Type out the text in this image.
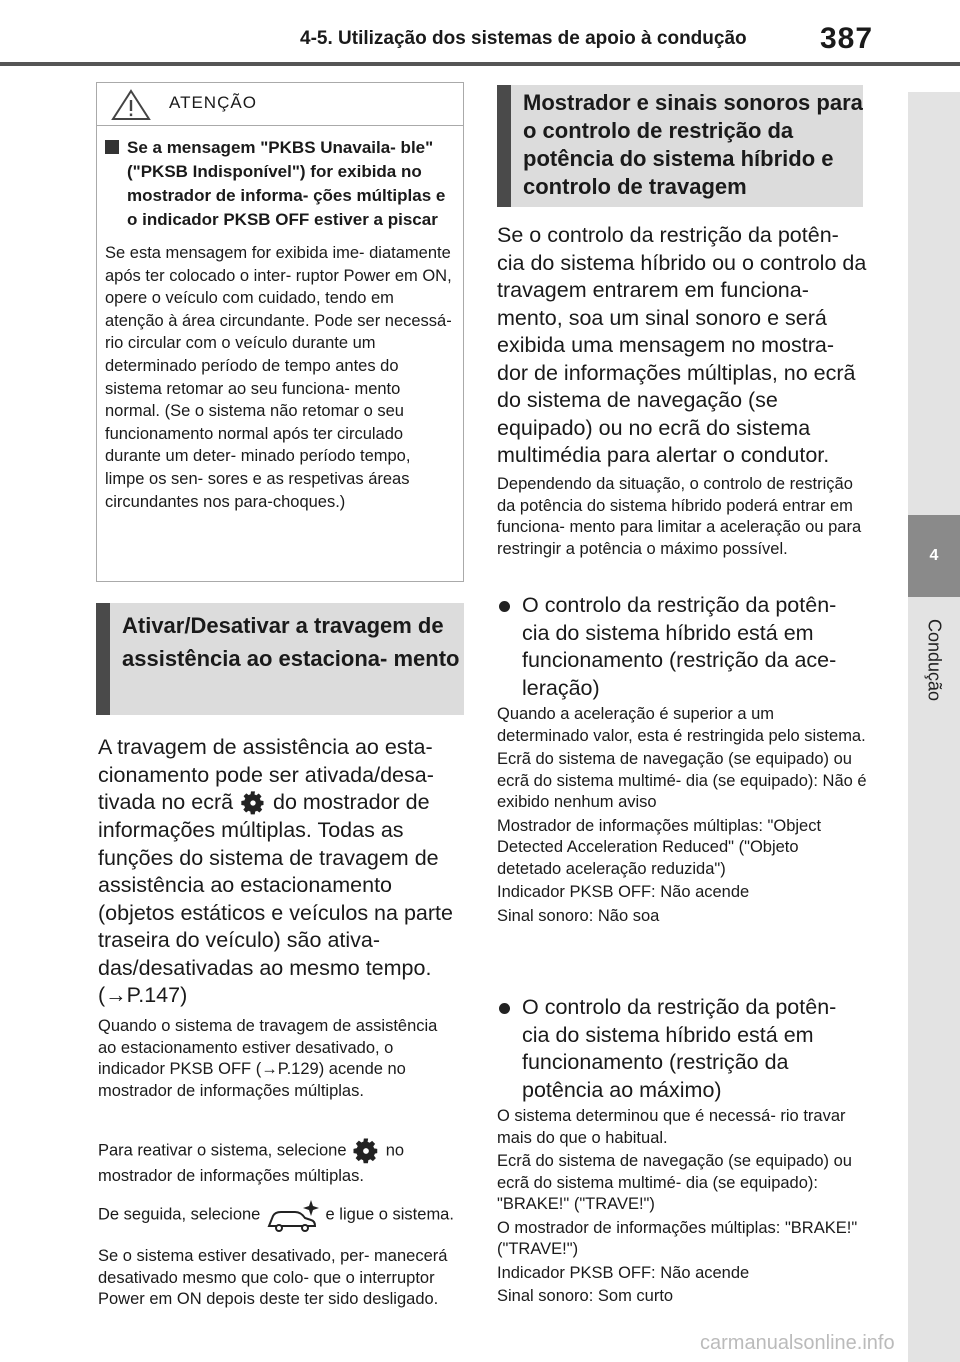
4-5. Utilização dos sistemas de apoio à condução 387
4
Condução
ATENÇÃO
Se a mensagem "PKBS Unavaila- ble" ("PKSB Indisponível") for exibida no mostrador de informa- ções múltiplas e o indicador PKSB OFF estiver a piscar
Se esta mensagem for exibida ime- diatamente após ter colocado o inter- ruptor Power em ON, opere o veículo com cuidado, tendo em atenção à área circundante. Pode ser necessá- rio circular com o veículo durante um determinado período de tempo antes do sistema retomar ao seu funciona- mento normal. (Se o sistema não retomar o seu funcionamento normal após ter circulado durante um deter- minado período tempo, limpe os sen- sores e as respetivas áreas circundantes nos para-choques.)
Ativar/Desativar a travagem de assistência ao estaciona- mento
A travagem de assistência ao esta- cionamento pode ser ativada/desa- tivada no ecrã do mostrador de informações múltiplas. Todas as funções do sistema de travagem de assistência ao estacionamento (objetos estáticos e veículos na parte traseira do veículo) são ativa- das/desativadas ao mesmo tempo. (→P.147)
Quando o sistema de travagem de assistência ao estacionamento estiver desativado, o indicador PKSB OFF (→P.129) acende no mostrador de informações múltiplas.
Para reativar o sistema, selecione no mostrador de informações múltiplas.
De seguida, selecione	e ligue o sistema.
Se o sistema estiver desativado, per- manecerá desativado mesmo que colo- que o interruptor Power em ON depois deste ter sido desligado.
Mostrador e sinais sonoros para o controlo de restrição da potência do sistema híbrido e controlo de travagem
Se o controlo da restrição da potên- cia do sistema híbrido ou o controlo da travagem entrarem em funciona- mento, soa um sinal sonoro e será exibida uma mensagem no mostra- dor de informações múltiplas, no ecrã do sistema de navegação (se equipado) ou no ecrã do sistema multimédia para alertar o condutor.
Dependendo da situação, o controlo de restrição da potência do sistema híbrido poderá entrar em funciona- mento para limitar a aceleração ou para restringir a potência o máximo possível.
O controlo da restrição da potên- cia do sistema híbrido está em funcionamento (restrição da ace- leração)

Quando a aceleração é superior a um determinado valor, esta é restringida pelo sistema.

Ecrã do sistema de navegação (se equipado) ou ecrã do sistema multimé- dia (se equipado): Não é exibido nenhum aviso

Mostrador de informações múltiplas: "Object Detected Acceleration Reduced" ("Objeto detetado aceleração reduzida")

Indicador PKSB OFF: Não acende

Sinal sonoro: Não soa

O controlo da restrição da potên- cia do sistema híbrido está em funcionamento (restrição da potência ao máximo)

O sistema determinou que é necessá- rio travar mais do que o habitual.

Ecrã do sistema de navegação (se equipado) ou ecrã do sistema multimé- dia (se equipado): "BRAKE!" ("TRAVE!")

O mostrador de informações múltiplas: "BRAKE!" ("TRAVE!")

Indicador PKSB OFF: Não acende

Sinal sonoro: Som curto

carmanualsonline.info
